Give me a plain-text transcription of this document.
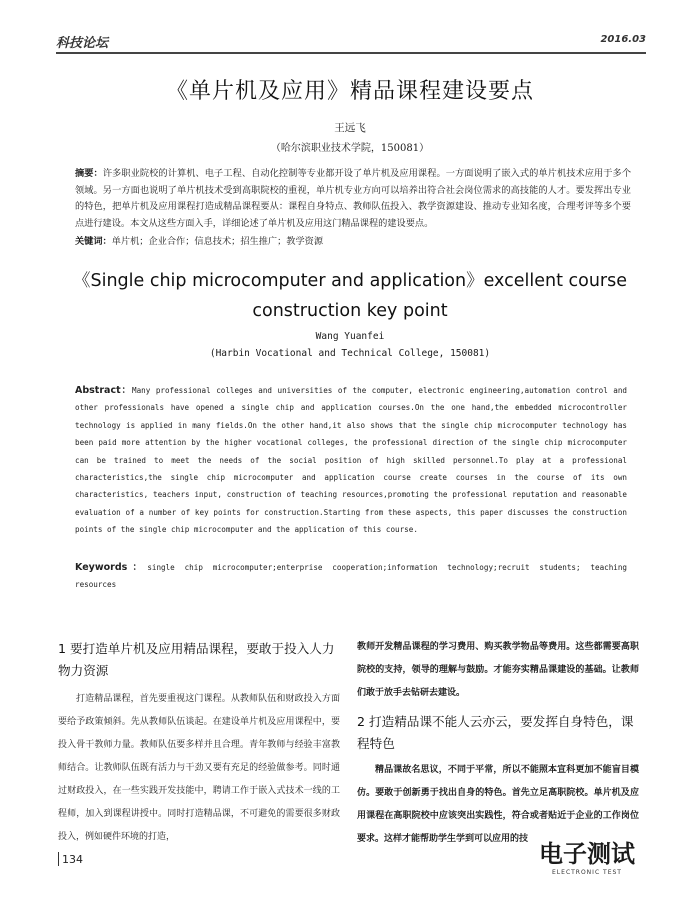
科技论坛	2016.03
《单片机及应用》精品课程建设要点
王远飞
（哈尔滨职业技术学院，150081）
摘要：许多职业院校的计算机、电子工程、自动化控制等专业都开设了单片机及应用课程。一方面说明了嵌入式的单片机技术应用于多个领域。另一方面也说明了单片机技术受到高职院校的重视，单片机专业方向可以培养出符合社会岗位需求的高技能的人才。要发挥出专业的特色，把单片机及应用课程打造成精品课程要从：课程自身特点、教师队伍投入、教学资源建设、推动专业知名度，合理考评等多个要点进行建设。本文从这些方面入手，详细论述了单片机及应用这门精品课程的建设要点。
关键词：单片机；企业合作；信息技术；招生推广；教学资源
《Single chip microcomputer and application》excellent course construction key point
Wang Yuanfei
(Harbin Vocational and Technical College, 150081)
Abstract：Many professional colleges and universities of the computer, electronic engineering,automation control and other professionals have opened a single chip and application courses.On the one hand,the embedded microcontroller technology is applied in many fields.On the other hand,it also shows that the single chip microcomputer technology has been paid more attention by the higher vocational colleges, the professional direction of the single chip microcomputer can be trained to meet the needs of the social position of high skilled personnel.To play at a professional characteristics,the single chip microcomputer and application course create courses in the course of its own characteristics, teachers input, construction of teaching resources,promoting the professional reputation and reasonable evaluation of a number of key points for construction.Starting from these aspects, this paper discusses the construction points of the single chip microcomputer and the application of this course.
Keywords：single chip microcomputer;enterprise cooperation;information technology;recruit students; teaching resources
1 要打造单片机及应用精品课程，要敢于投入人力物力资源
打造精品课程，首先要重视这门课程。从教师队伍和财政投入方面要给予政策倾斜。先从教师队伍谈起。在建设单片机及应用课程中，要投入骨干教师力量。教师队伍要多样并且合理。青年教师与经验丰富教师结合。让教师队伍既有活力与干劲又要有充足的经验做参考。同时通过财政投入，在一些实践开发技能中，聘请工作于嵌入式技术一线的工程师，加入到课程讲授中。同时打造精品课，不可避免的需要很多财政投入，例如硬件环境的打造，
教师开发精品课程的学习费用、购买教学物品等费用。这些都需要高职院校的支持，领导的理解与鼓励。才能夯实精品课建设的基础。让教师们敢于放手去钻研去建设。
2 打造精品课不能人云亦云，要发挥自身特色，课程特色
精品课故名思议，不同于平常，所以不能照本宣科更加不能盲目模仿。要敢于创新勇于找出自身的特色。首先立足高职院校。单片机及应用课程在高职院校中应该突出实践性，符合或者贴近于企业的工作岗位要求。这样才能帮助学生学到可以应用的技
134	电子测试
ELECTRONIC TEST
